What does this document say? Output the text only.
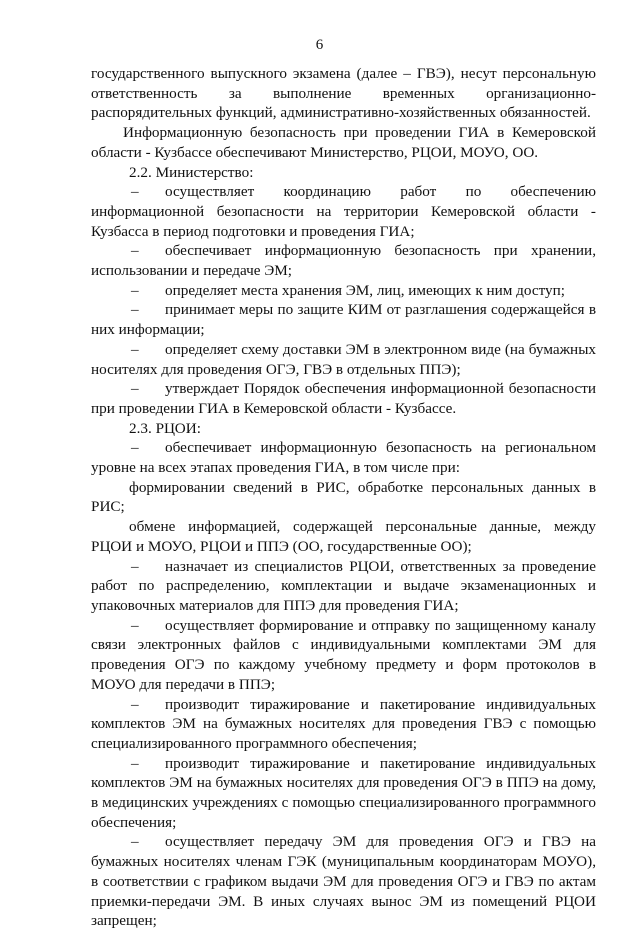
6

государственного выпускного экзамена (далее – ГВЭ), несут персональную ответственность за выполнение временных организационно-распорядительных функций, административно-хозяйственных обязанностей.

Информационную безопасность при проведении ГИА в Кемеровской области - Кузбассе обеспечивают Министерство, РЦОИ, МОУО, ОО.

2.2. Министерство:

– осуществляет координацию работ по обеспечению информационной безопасности на территории Кемеровской области - Кузбасса в период подготовки и проведения ГИА;

– обеспечивает информационную безопасность при хранении, использовании и передаче ЭМ;

– определяет места хранения ЭМ, лиц, имеющих к ним доступ;

– принимает меры по защите КИМ от разглашения содержащейся в них информации;

– определяет схему доставки ЭМ в электронном виде (на бумажных носителях для проведения ОГЭ, ГВЭ в отдельных ППЭ);

– утверждает Порядок обеспечения информационной безопасности при проведении ГИА в Кемеровской области - Кузбассе.

2.3. РЦОИ:

– обеспечивает информационную безопасность на региональном уровне на всех этапах проведения ГИА, в том числе при:

формировании сведений в РИС, обработке персональных данных в РИС;

обмене информацией, содержащей персональные данные, между РЦОИ и МОУО, РЦОИ и ППЭ (ОО, государственные ОО);

– назначает из специалистов РЦОИ, ответственных за проведение работ по распределению, комплектации и выдаче экзаменационных и упаковочных материалов для ППЭ для проведения ГИА;

– осуществляет формирование и отправку по защищенному каналу связи электронных файлов с индивидуальными комплектами ЭМ для проведения ОГЭ по каждому учебному предмету и форм протоколов в МОУО для передачи в ППЭ;

– производит тиражирование и пакетирование индивидуальных комплектов ЭМ на бумажных носителях для проведения ГВЭ с помощью специализированного программного обеспечения;

– производит тиражирование и пакетирование индивидуальных комплектов ЭМ на бумажных носителях для проведения ОГЭ в ППЭ на дому, в медицинских учреждениях с помощью специализированного программного обеспечения;

– осуществляет передачу ЭМ для проведения ОГЭ и ГВЭ на бумажных носителях членам ГЭК (муниципальным координаторам МОУО), в соответствии с графиком выдачи ЭМ для проведения ОГЭ и ГВЭ по актам приемки-передачи ЭМ. В иных случаях вынос ЭМ из помещений РЦОИ запрещен;
